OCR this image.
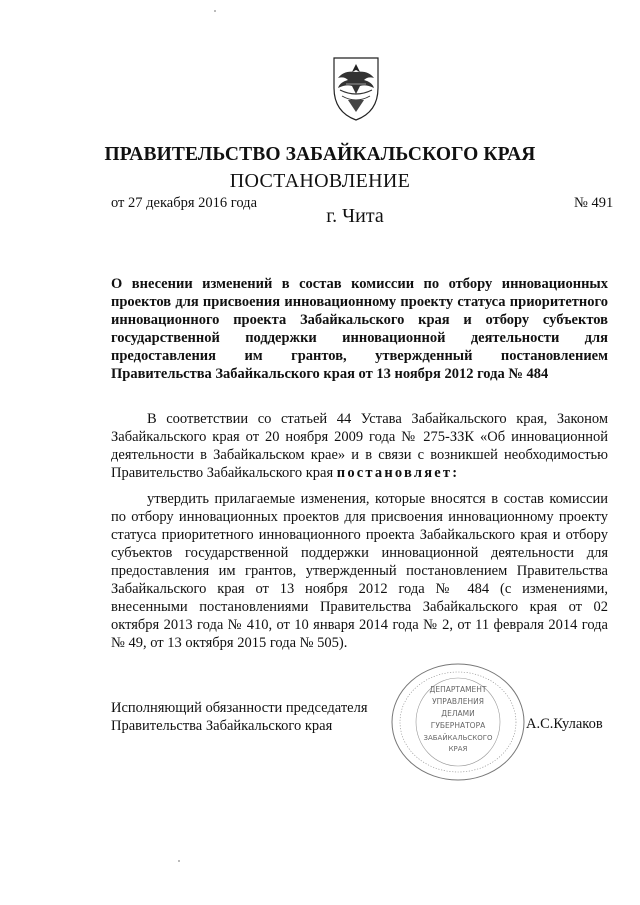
ПРАВИТЕЛЬСТВО ЗАБАЙКАЛЬСКОГО КРАЯ
ПОСТАНОВЛЕНИЕ
от 27 декабря 2016 года	№ 491
г. Чита
О внесении изменений в состав комиссии по отбору инновационных проектов для присвоения инновационному проекту статуса приоритетного инновационного проекта Забайкальского края и отбору субъектов государственной поддержки инновационной деятельности для предоставления им грантов, утвержденный постановлением Правительства Забайкальского края от 13 ноября 2012 года № 484
В соответствии со статьей 44 Устава Забайкальского края, Законом Забайкальского края от 20 ноября 2009 года № 275-ЗЗК «Об инновационной деятельности в Забайкальском крае» и в связи с возникшей необходимостью Правительство Забайкальского края постановляет:
утвердить прилагаемые изменения, которые вносятся в состав комиссии по отбору инновационных проектов для присвоения инновационному проекту статуса приоритетного инновационного проекта Забайкальского края и отбору субъектов государственной поддержки инновационной деятельности для предоставления им грантов, утвержденный постановлением Правительства Забайкальского края от 13 ноября 2012 года № 484 (с изменениями, внесенными постановлениями Правительства Забайкальского края от 02 октября 2013 года № 410, от 10 января 2014 года № 2, от 11 февраля 2014 года № 49, от 13 октября 2015 года № 505).
Исполняющий обязанности председателя
Правительства Забайкальского края	А.С.Кулаков
ДЕПАРТАМЕНТ
УПРАВЛЕНИЯ
ДЕЛАМИ
ГУБЕРНАТОРА
ЗАБАЙКАЛЬСКОГО
КРАЯ
